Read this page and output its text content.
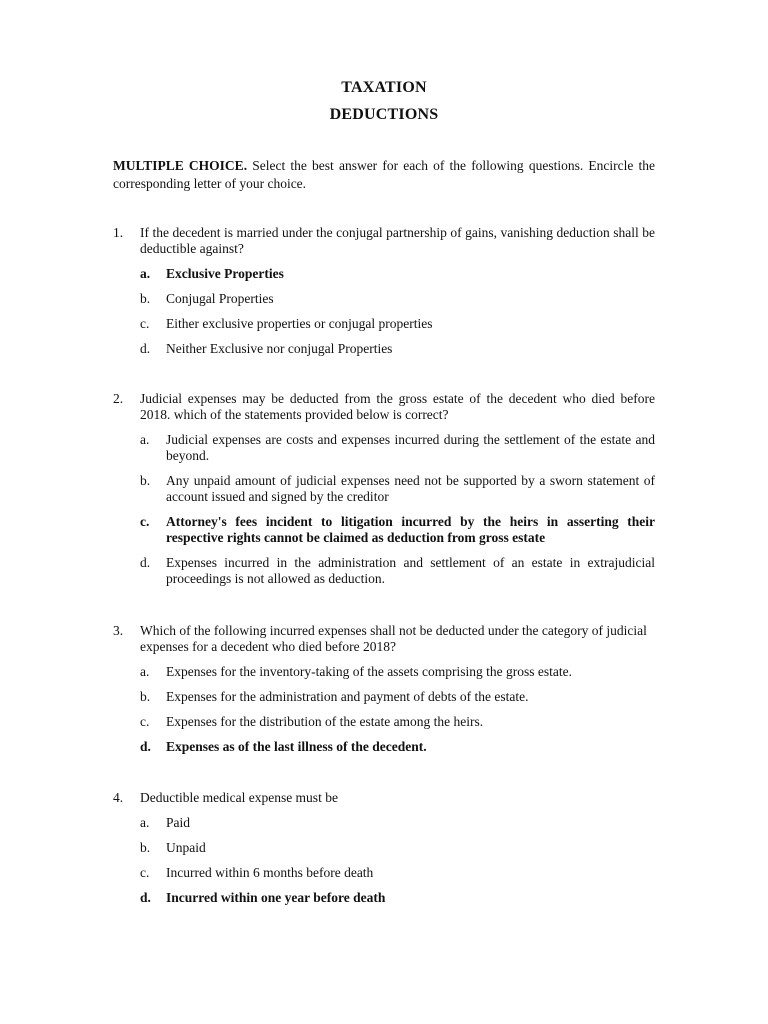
TAXATION
DEDUCTIONS
MULTIPLE CHOICE. Select the best answer for each of the following questions. Encircle the corresponding letter of your choice.
1. If the decedent is married under the conjugal partnership of gains, vanishing deduction shall be deductible against?
a. Exclusive Properties
b. Conjugal Properties
c. Either exclusive properties or conjugal properties
d. Neither Exclusive nor conjugal Properties
2. Judicial expenses may be deducted from the gross estate of the decedent who died before 2018. which of the statements provided below is correct?
a. Judicial expenses are costs and expenses incurred during the settlement of the estate and beyond.
b. Any unpaid amount of judicial expenses need not be supported by a sworn statement of account issued and signed by the creditor
c. Attorney's fees incident to litigation incurred by the heirs in asserting their respective rights cannot be claimed as deduction from gross estate
d. Expenses incurred in the administration and settlement of an estate in extrajudicial proceedings is not allowed as deduction.
3. Which of the following incurred expenses shall not be deducted under the category of judicial expenses for a decedent who died before 2018?
a. Expenses for the inventory-taking of the assets comprising the gross estate.
b. Expenses for the administration and payment of debts of the estate.
c. Expenses for the distribution of the estate among the heirs.
d. Expenses as of the last illness of the decedent.
4. Deductible medical expense must be
a. Paid
b. Unpaid
c. Incurred within 6 months before death
d. Incurred within one year before death
